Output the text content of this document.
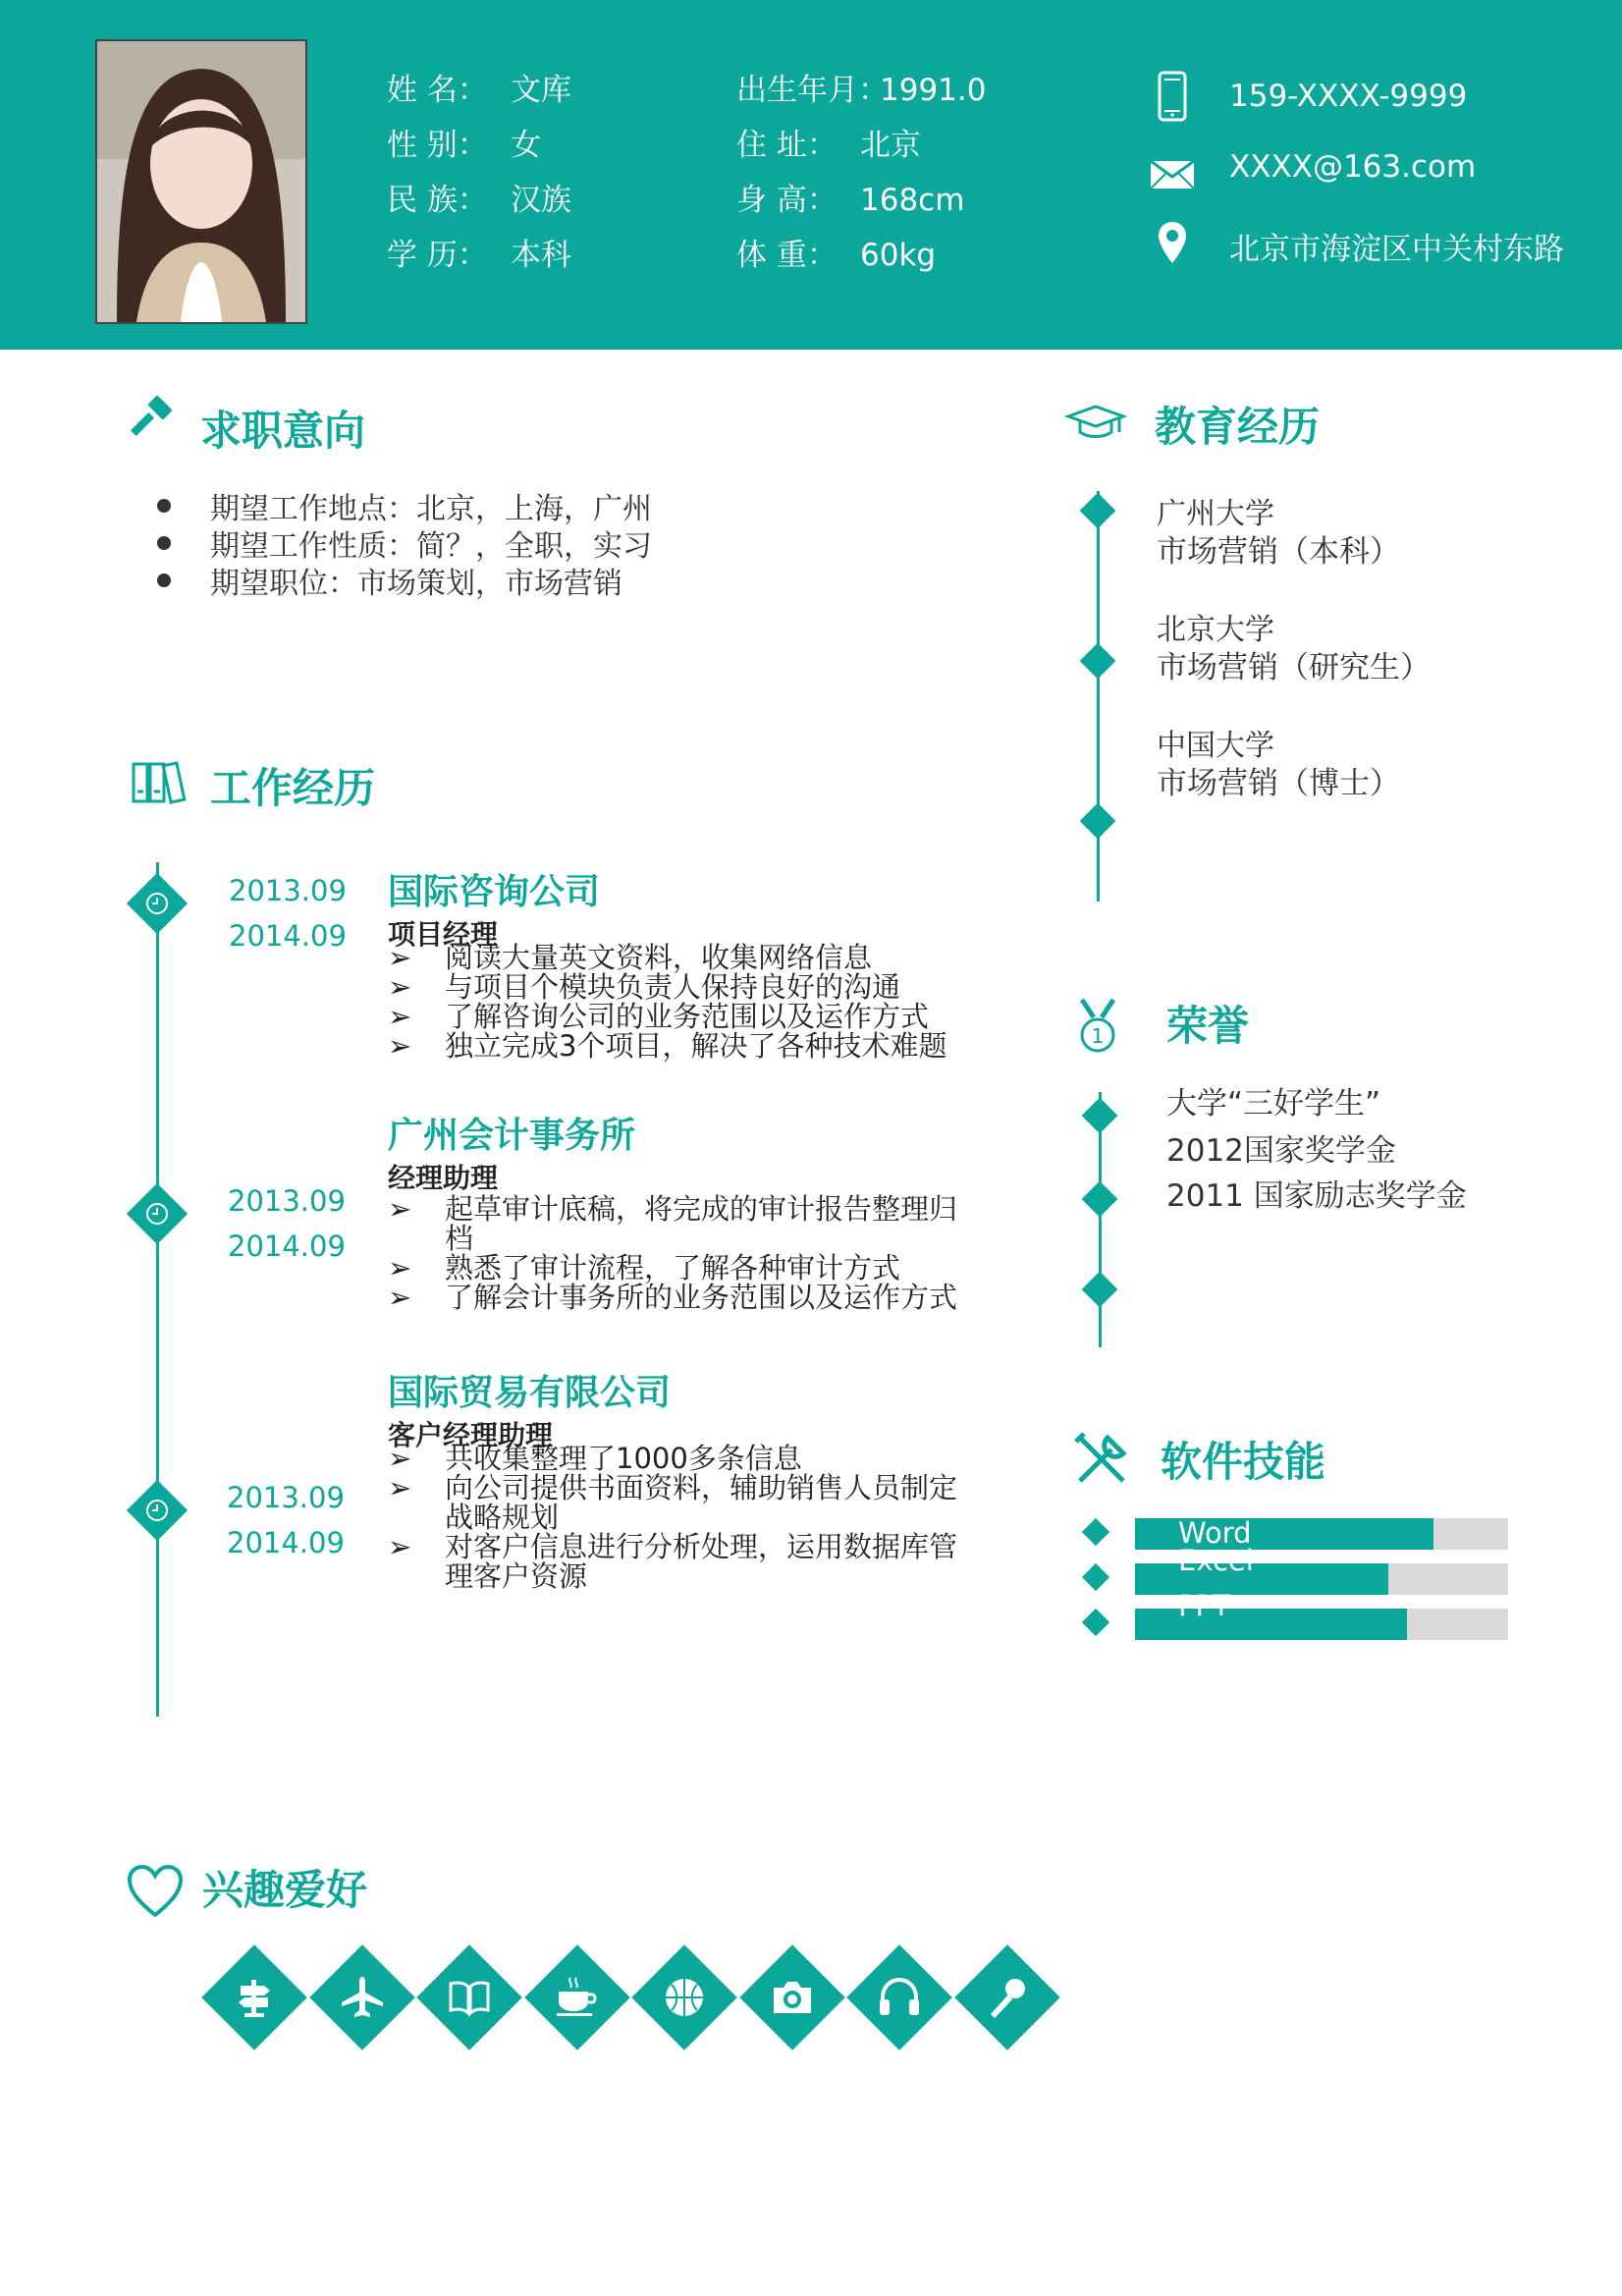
姓 名： 文库
性 别： 女
民 族： 汉族
学 历： 本科
出生年月：1991.0
住 址： 北京
身 高： 168cm
体 重： 60kg
159-XXXX-9999
XXXX@163.com
北京市海淀区中关村东路
求职意向
期望工作地点：北京，上海，广州
期望工作性质：简？，全职，实习
期望职位：市场策划，市场营销
工作经历
2013.09
2014.09
国际咨询公司
项目经理
➢	阅读大量英文资料，收集网络信息
➢	与项目个模块负责人保持良好的沟通
➢	了解咨询公司的业务范围以及运作方式
➢	独立完成3个项目，解决了各种技术难题
2013.09
2014.09
广州会计事务所
经理助理
➢	起草审计底稿，将完成的审计报告整理归档
➢	熟悉了审计流程，了解各种审计方式
➢	了解会计事务所的业务范围以及运作方式
2013.09
2014.09
国际贸易有限公司
客户经理助理
➢	共收集整理了1000多条信息
➢	向公司提供书面资料，辅助销售人员制定战略规划
➢	对客户信息进行分析处理，运用数据库管理客户资源
教育经历
广州大学
市场营销（本科）
北京大学
市场营销（研究生）
中国大学
市场营销（博士）
1 荣誉
大学“三好学生”
2012国家奖学金
2011 国家励志奖学金
软件技能
Word
Excel
PPT
兴趣爱好
